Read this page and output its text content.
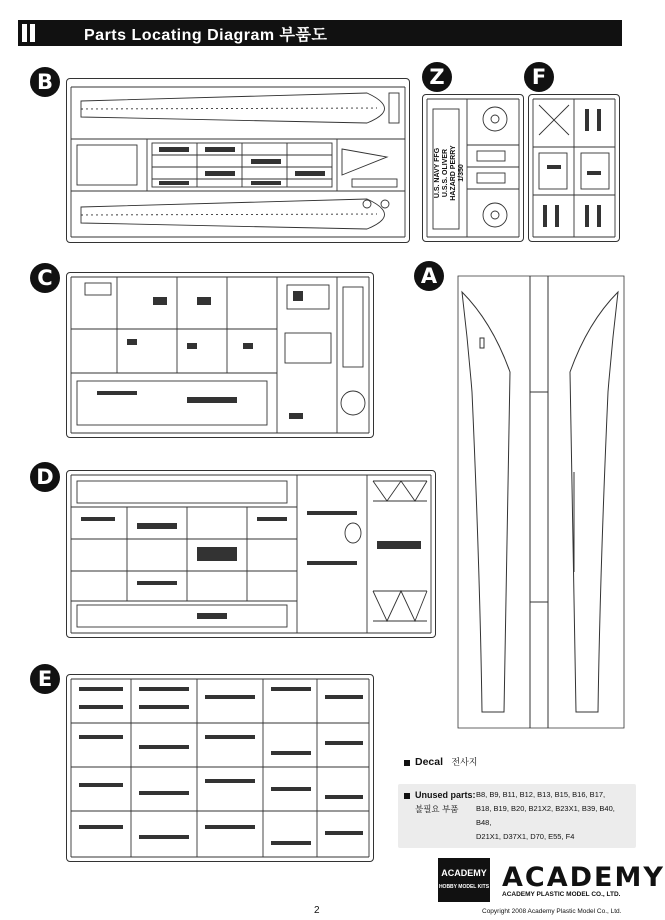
Parts Locating Diagram 부품도
B	Z
U.S. NAVY FFG U.S.S. OLIVER HAZARD PERRY 1/350
F
C	A
D
E
Decal 전사지
Unused parts:
불필요 부품
B8, B9, B11, B12, B13, B15, B16, B17,
B18, B19, B20, B21X2, B23X1, B39, B40, B48,
D21X1, D37X1, D70, E55, F4
ACADEMY
HOBBY MODEL KITS ACADEMY
ACADEMY PLASTIC MODEL CO., LTD.
2	Copyright 2008 Academy Plastic Model Co., Ltd.
